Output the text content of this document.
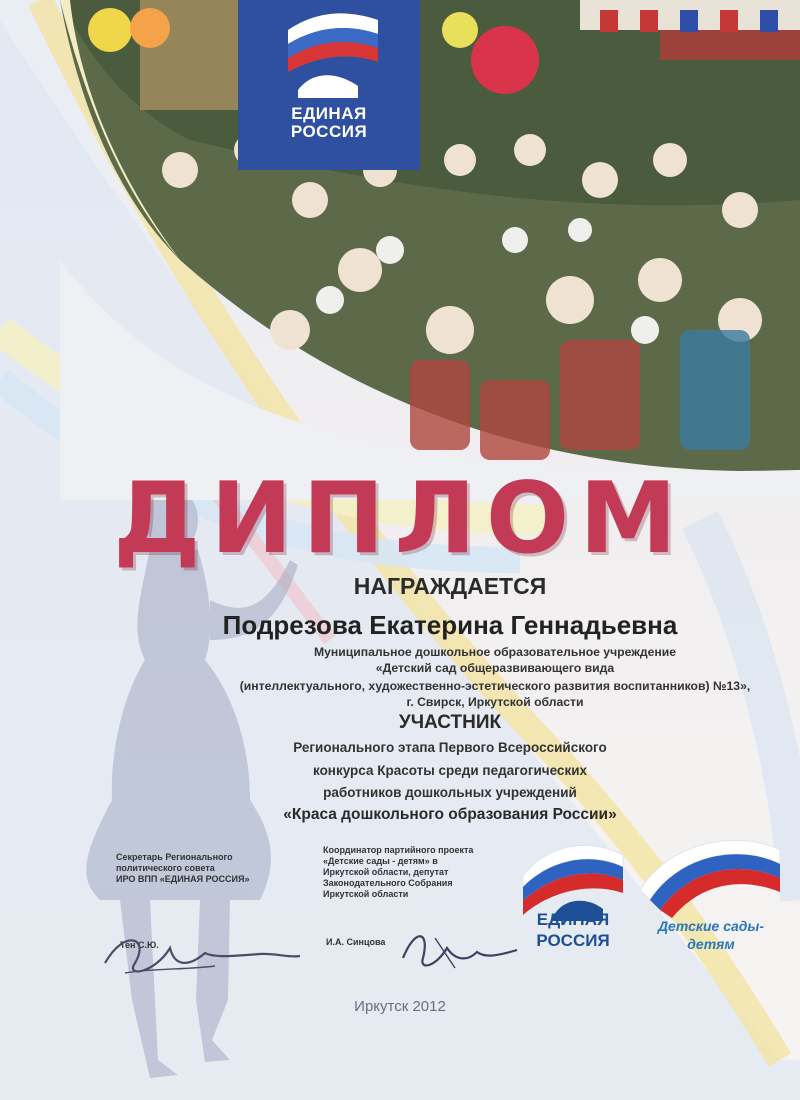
ЕДИНАЯ
РОССИЯ
ДИПЛОМ
НАГРАЖДАЕТСЯ
Подрезова Екатерина Геннадьевна
Муниципальное дошкольное образовательное учреждение
«Детский сад общеразвивающего вида
(интеллектуального, художественно-эстетического развития воспитанников) №13»,
г. Свирск, Иркутской области
УЧАСТНИК
Регионального этапа Первого Всероссийского
конкурса Красоты среди педагогических
работников дошкольных учреждений
«Краса дошкольного образования России»
Секретарь Регионального
политического совета
ИРО ВПП «ЕДИНАЯ РОССИЯ»
Тен С.Ю.
Координатор партийного проекта
«Детские сады - детям» в
Иркутской области, депутат
Законодательного Собрания
Иркутской области
И.А. Синцова
ЕДИНАЯ
РОССИЯ
Детские сады-
детям
Иркутск 2012
